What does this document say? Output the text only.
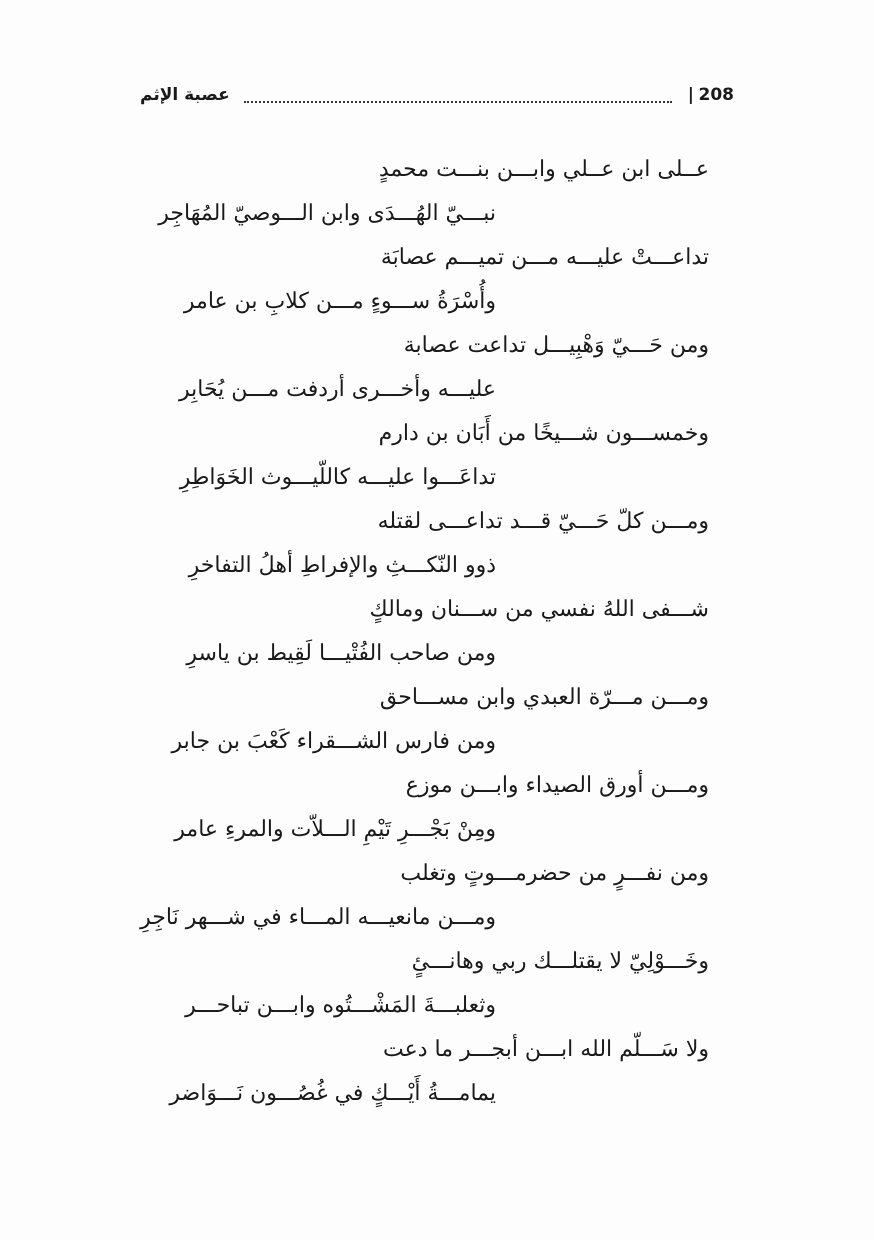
208
|
عصبة الإثم
عــلى ابن عــلي وابـــن بنـــت محمدٍ
نبـــيّ الهُـــدَى وابن الـــوصيّ المُهَاجِر
تداعـــتْ عليـــه مـــن تميـــم عصابَة
وأُسْرَةُ ســـوءٍ مـــن كلابِ بن عامر
ومن حَـــيّ وَهْبِيـــل تداعت عصابة
عليـــه وأخـــرى أردفت مـــن يُحَابِر
وخمســـون شـــيخًا من أَبَان بن دارم
تداعَـــوا عليـــه كاللّيـــوث الخَوَاطِرِ
ومـــن كلّ حَـــيّ قـــد تداعـــى لقتله
ذوو النّكـــثِ والإفراطِ أهلُ التفاخرِ
شـــفى اللهُ نفسي من ســـنان ومالكٍ
ومن صاحب الفُتْيـــا لَقِيط بن ياسرِ
ومـــن مـــرّة العبدي وابن مســـاحق
ومن فارس الشـــقراء كَعْبَ بن جابر
ومـــن أورق الصيداء وابـــن موزع
ومِنْ بَجْـــرِ تَيْمِ الـــلاّت والمرءِ عامر
ومن نفـــرٍ من حضرمـــوتٍ وتغلب
ومـــن مانعيـــه المـــاء في شـــهر نَاجِرِ
وخَـــوْلِيّ لا يقتلـــك ربي وهانـــئٍ
وثعلبـــةَ المَشْـــتُوه وابـــن تباحـــر
ولا سَـــلّم الله ابـــن أبجـــر ما دعت
يمامـــةُ أَيْـــكٍ في غُصُـــون نَـــوَاضر
